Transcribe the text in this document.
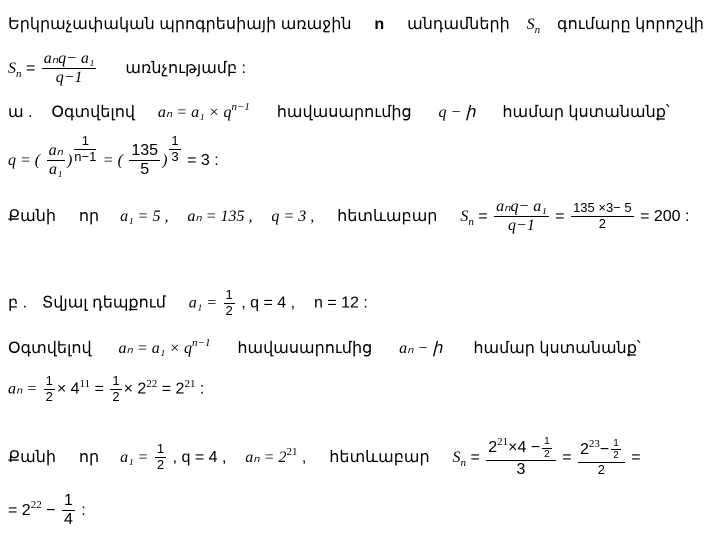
Երկրաչափական պրոգրեսիայի առաջին n անդամների $S_n$ գումարը կորոշվի
$S_n = \frac{\text{aₙq− a₁}}{q-1}$ առնչությամբ :
ա . Օգտվելով $a_n = a_1 \times q^{n-1}$ հավասարումից q − ի համար կստանանք՝
q = ( $\frac{\text{aₙ}}{\text{a₁}}$ ) $\frac{1}{n-1}$ = ( $\frac{135}{5}$ ) $\frac{1}{3} = 3$ :
Քանի որ a₁ = 5 , aₙ = 135 , q = 3 , հետևաբար $S_n = \frac{\text{aₙq− a₁}}{q-1} = \frac{135 \times 3- 5}{2} = 200$ :
բ . Տվյալ դեպքում $a_1 = \frac{1}{2}$ , q = 4 , n = 12 :
Օգտվելով $a_n = a_1 \times q^{n-1}$ հավասարումից aₙ − ի համար կստանանք՝
$a_n = \frac{1}{2} \times 4^{11} = \frac{1}{2} \times 2^{22} = 2^{21}$ :
Քանի որ $a_1 = \frac{1}{2}$ , q = 4 , $a_n = 2^{21}$ , հետևաբար $S_n = \frac{2^{21}\times 4 - \frac{1}{2}}{3} = \frac{2^{23}- \frac{1}{2}}{2}$ =
= $2^{22} - \frac{1}{4}$ :
